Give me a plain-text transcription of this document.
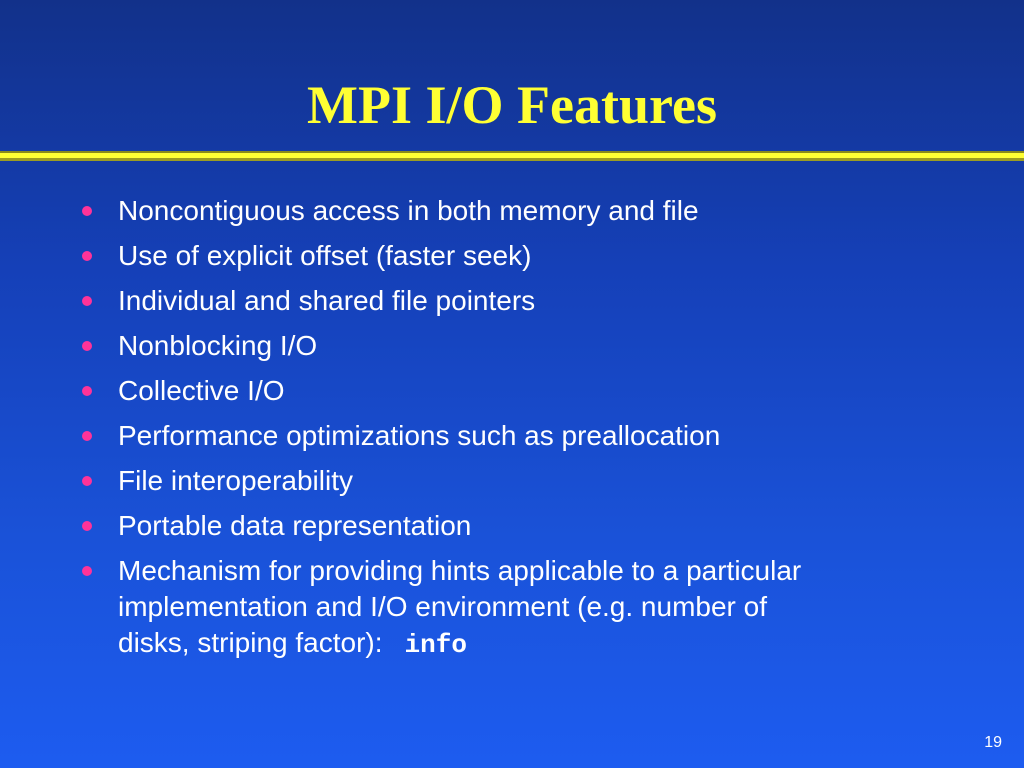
MPI I/O Features
Noncontiguous access in both memory and file
Use of explicit offset (faster seek)
Individual and shared file pointers
Nonblocking I/O
Collective I/O
Performance optimizations such as preallocation
File interoperability
Portable data representation
Mechanism for providing hints applicable to a particular
implementation and I/O environment (e.g. number of
disks, striping factor): info
19
